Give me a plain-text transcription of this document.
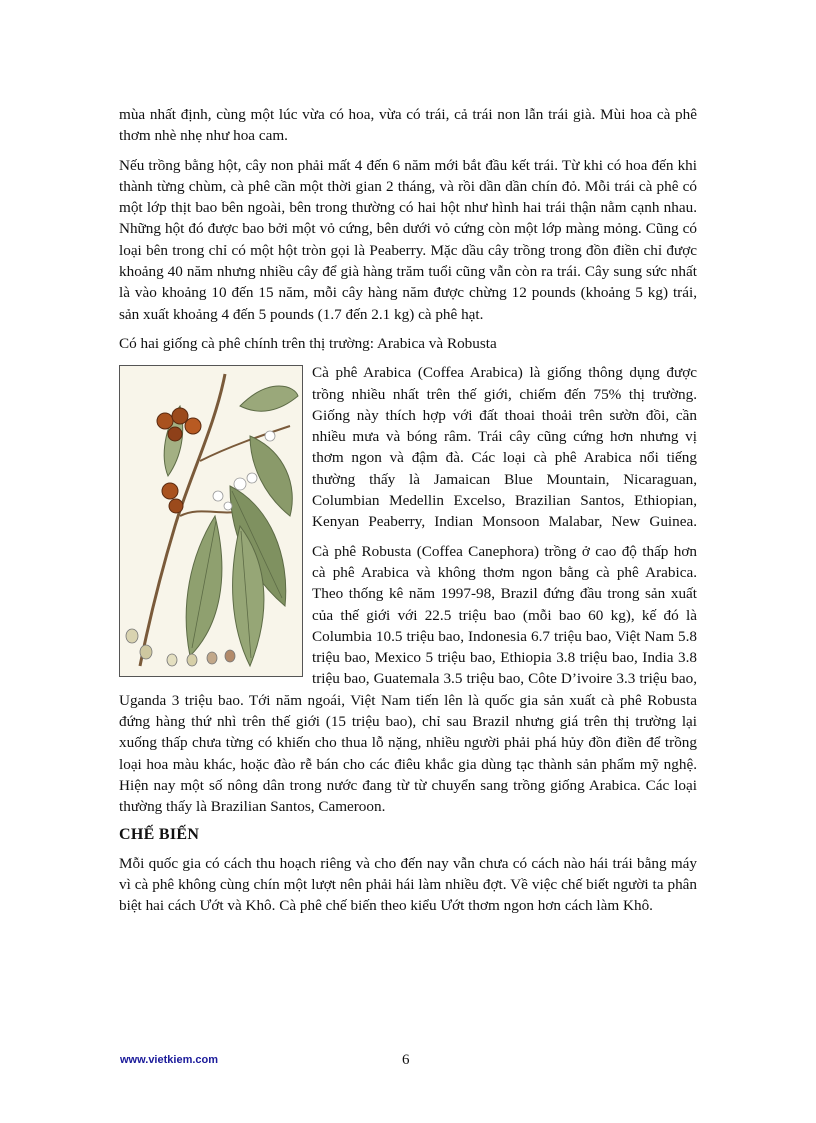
mùa nhất định, cùng một lúc vừa có hoa, vừa có trái, cả trái non lẫn trái già. Mùi hoa cà phê thơm nhè nhẹ như hoa cam.

Nếu trồng bằng hột, cây non phải mất 4 đến 6 năm mới bắt đầu kết trái. Từ khi có hoa đến khi thành từng chùm, cà phê cần một thời gian 2 tháng, và rồi dần dần chín đỏ. Mỗi trái cà phê có một lớp thịt bao bên ngoài, bên trong thường có hai hột như hình hai trái thận nằm cạnh nhau. Những hột đó được bao bởi một vỏ cứng, bên dưới vỏ cứng còn một lớp màng mỏng. Cũng có loại bên trong chỉ có một hột tròn gọi là Peaberry. Mặc dầu cây trồng trong đồn điền chỉ được khoảng 40 năm nhưng nhiều cây để già hàng trăm tuổi cũng vẫn còn ra trái. Cây sung sức nhất là vào khoảng 10 đến 15 năm, mỗi cây hàng năm được chừng 12 pounds (khoảng 5 kg) trái, sản xuất khoảng 4 đến 5 pounds (1.7 đến 2.1 kg) cà phê hạt.

Có hai giống cà phê chính trên thị trường: Arabica và Robusta

Cà phê Arabica (Coffea Arabica) là giống thông dụng được trồng nhiều nhất trên thế giới, chiếm đến 75% thị trường. Giống này thích hợp với đất thoai thoải trên sườn đồi, cần nhiều mưa và bóng râm. Trái cây cũng cứng hơn nhưng vị thơm ngon và đậm đà. Các loại cà phê Arabica nổi tiếng thường thấy là Jamaican Blue Mountain, Nicaraguan, Columbian Medellin Excelso, Brazilian Santos, Ethiopian, Kenyan Peaberry, Indian Monsoon Malabar, New Guinea.

Cà phê Robusta (Coffea Canephora) trồng ở cao độ thấp hơn cà phê Arabica và không thơm ngon bằng cà phê Arabica. Theo thống kê năm 1997-98, Brazil đứng đầu trong sản xuất của thế giới với 22.5 triệu bao (mỗi bao 60 kg), kế đó là Columbia 10.5 triệu bao, Indonesia 6.7 triệu bao, Việt Nam 5.8 triệu bao, Mexico 5 triệu bao, Ethiopia 3.8 triệu bao, India 3.8 triệu bao, Guatemala 3.5 triệu bao, Côte D’ivoire 3.3 triệu bao, Uganda 3 triệu bao. Tới năm ngoái, Việt Nam tiến lên là quốc gia sản xuất cà phê Robusta đứng hàng thứ nhì trên thế giới (15 triệu bao), chỉ sau Brazil nhưng giá trên thị trường lại xuống thấp chưa từng có khiến cho thua lỗ nặng, nhiều người phải phá hủy đồn điền để trồng loại hoa màu khác, hoặc đào rễ bán cho các điêu khắc gia dùng tạc thành sản phẩm mỹ nghệ. Hiện nay một số nông dân trong nước đang từ từ chuyển sang trồng giống Arabica. Các loại thường thấy là Brazilian Santos, Cameroon.

CHẾ BIẾN

Mỗi quốc gia có cách thu hoạch riêng và cho đến nay vẫn chưa có cách nào hái trái bằng máy vì cà phê không cùng chín một lượt nên phải hái làm nhiều đợt. Về việc chế biết người ta phân biệt hai cách Ướt và Khô. Cà phê chế biến theo kiểu Ướt thơm ngon hơn cách làm Khô.

www.vietkiem.com	6
